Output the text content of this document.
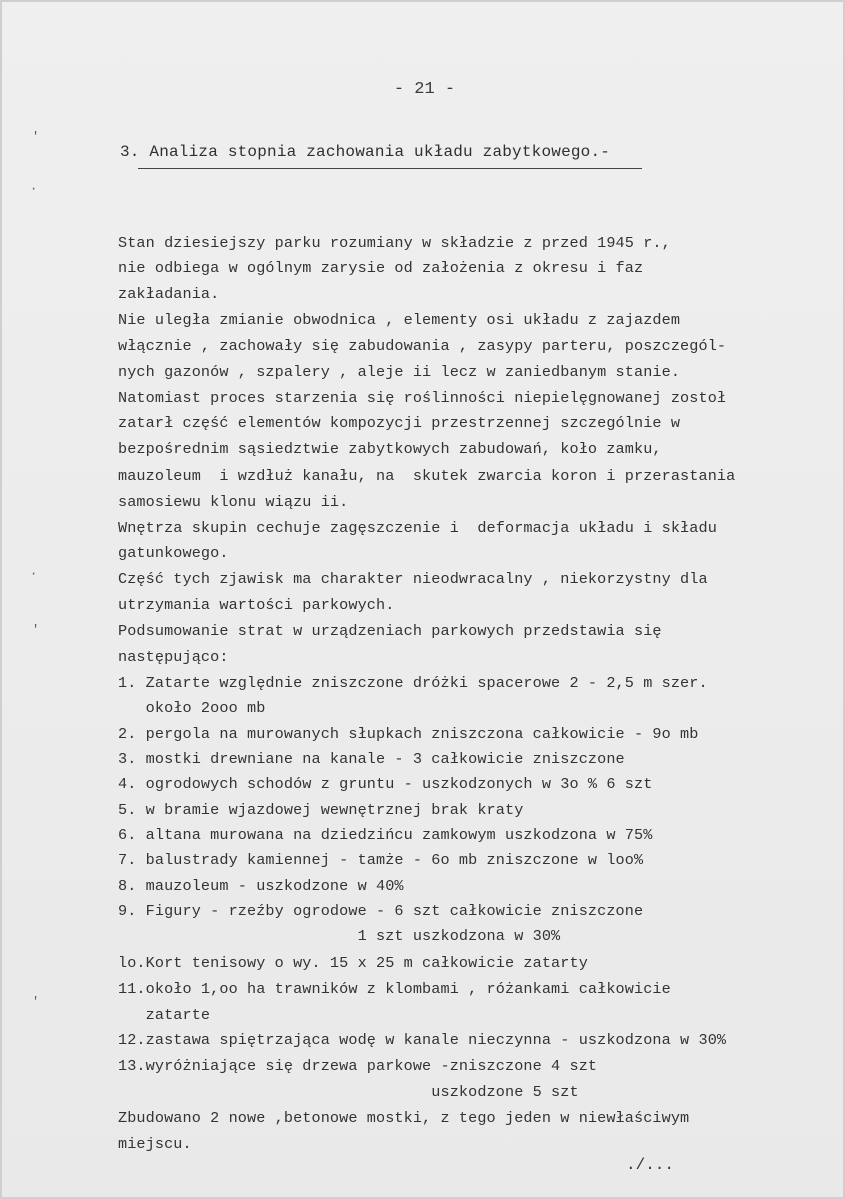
- 21 -
3. Analiza stopnia zachowania układu zabytkowego.-
'
·
·
'
'
Stan dziesiejszy parku rozumiany w składzie z przed 1945 r.,
nie odbiega w ogólnym zarysie od założenia z okresu i faz
zakładania.
Nie uległa zmianie obwodnica , elementy osi układu z zajazdem
włącznie , zachowały się zabudowania , zasypy parteru, poszczegól-
nych gazonów , szpalery , aleje ii lecz w zaniedbanym stanie.
Natomiast proces starzenia się roślinności niepielęgnowanej zostoł
zatarł część elementów kompozycji przestrzennej szczególnie w
bezpośrednim sąsiedztwie zabytkowych zabudowań, koło zamku,
mauzoleum  i wzdłuż kanału, na  skutek zwarcia koron i przerastania
samosiewu klonu wiązu ii.
Wnętrza skupin cechuje zagęszczenie i  deformacja układu i składu
gatunkowego.
Część tych zjawisk ma charakter nieodwracalny , niekorzystny dla
utrzymania wartości parkowych.
Podsumowanie strat w urządzeniach parkowych przedstawia się
następująco:
1. Zatarte względnie zniszczone dróżki spacerowe 2 - 2,5 m szer.
około 2ooo mb
2. pergola na murowanych słupkach zniszczona całkowicie - 9o mb
3. mostki drewniane na kanale - 3 całkowicie zniszczone
4. ogrodowych schodów z gruntu - uszkodzonych w 3o % 6 szt
5. w bramie wjazdowej wewnętrznej brak kraty
6. altana murowana na dziedzińcu zamkowym uszkodzona w 75%
7. balustrady kamiennej - tamże - 6o mb zniszczone w loo%
8. mauzoleum - uszkodzone w 40%
9. Figury - rzeźby ogrodowe - 6 szt całkowicie zniszczone
1 szt uszkodzona w 30%
lo.Kort tenisowy o wy. 15 x 25 m całkowicie zatarty
11.około 1,oo ha trawników z klombami , różankami całkowicie
zatarte
12.zastawa spiętrzająca wodę w kanale nieczynna - uszkodzona w 30%
13.wyróżniające się drzewa parkowe -zniszczone 4 szt
uszkodzone 5 szt
Zbudowano 2 nowe ,betonowe mostki, z tego jeden w niewłaściwym
miejscu.
./...
